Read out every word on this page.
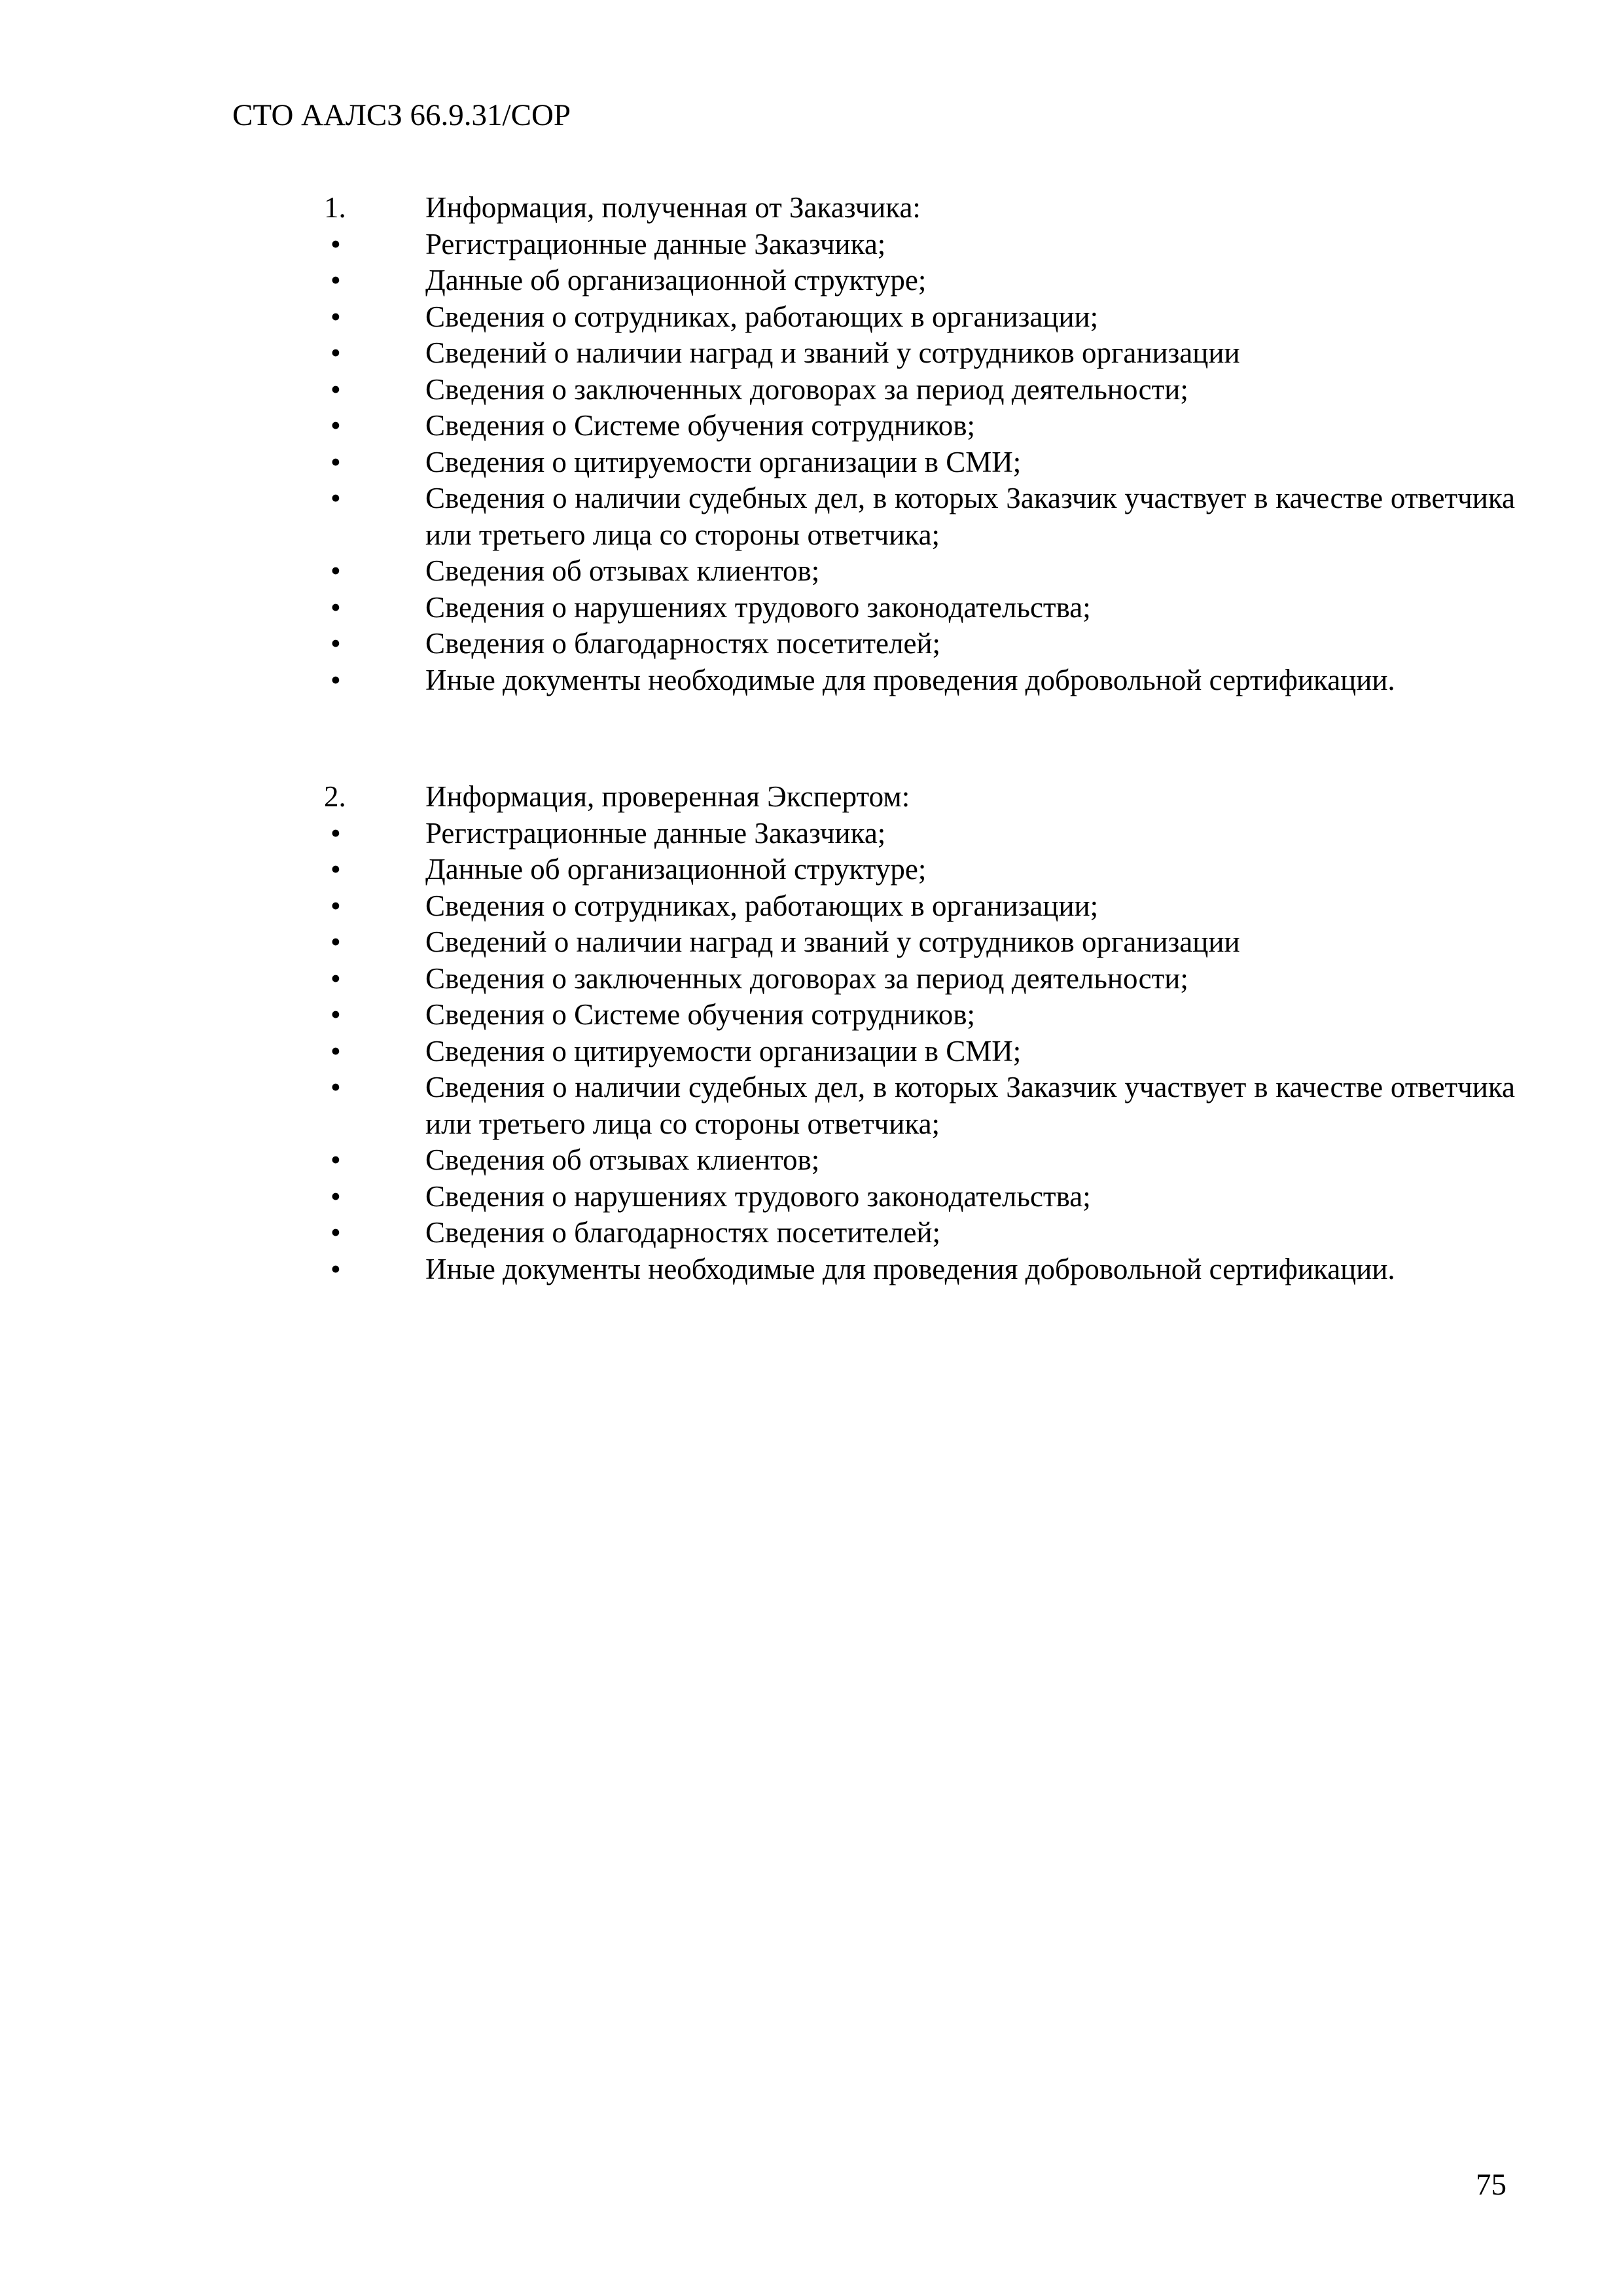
СТО ААЛСЗ 66.9.31/СОР
1.	Информация, полученная от Заказчика:
•	Регистрационные данные Заказчика;
•	Данные об организационной структуре;
•	Сведения о сотрудниках, работающих в организации;
•	Сведений о наличии наград и званий у сотрудников организации
•	Сведения о заключенных договорах за период деятельности;
•	Сведения о Системе обучения сотрудников;
•	Сведения о цитируемости организации в СМИ;
•	Сведения о наличии судебных дел, в которых Заказчик участвует в качестве ответчика или третьего лица со стороны ответчика;
•	Сведения об отзывах клиентов;
•	Сведения о нарушениях трудового законодательства;
•	Сведения о благодарностях посетителей;
•	Иные документы необходимые для проведения добровольной сертификации.
2.	Информация, проверенная Экспертом:
•	Регистрационные данные Заказчика;
•	Данные об организационной структуре;
•	Сведения о сотрудниках, работающих в организации;
•	Сведений о наличии наград и званий у сотрудников организации
•	Сведения о заключенных договорах за период деятельности;
•	Сведения о Системе обучения сотрудников;
•	Сведения о цитируемости организации в СМИ;
•	Сведения о наличии судебных дел, в которых Заказчик участвует в качестве ответчика или третьего лица со стороны ответчика;
•	Сведения об отзывах клиентов;
•	Сведения о нарушениях трудового законодательства;
•	Сведения о благодарностях посетителей;
•	Иные документы необходимые для проведения добровольной сертификации.
75
